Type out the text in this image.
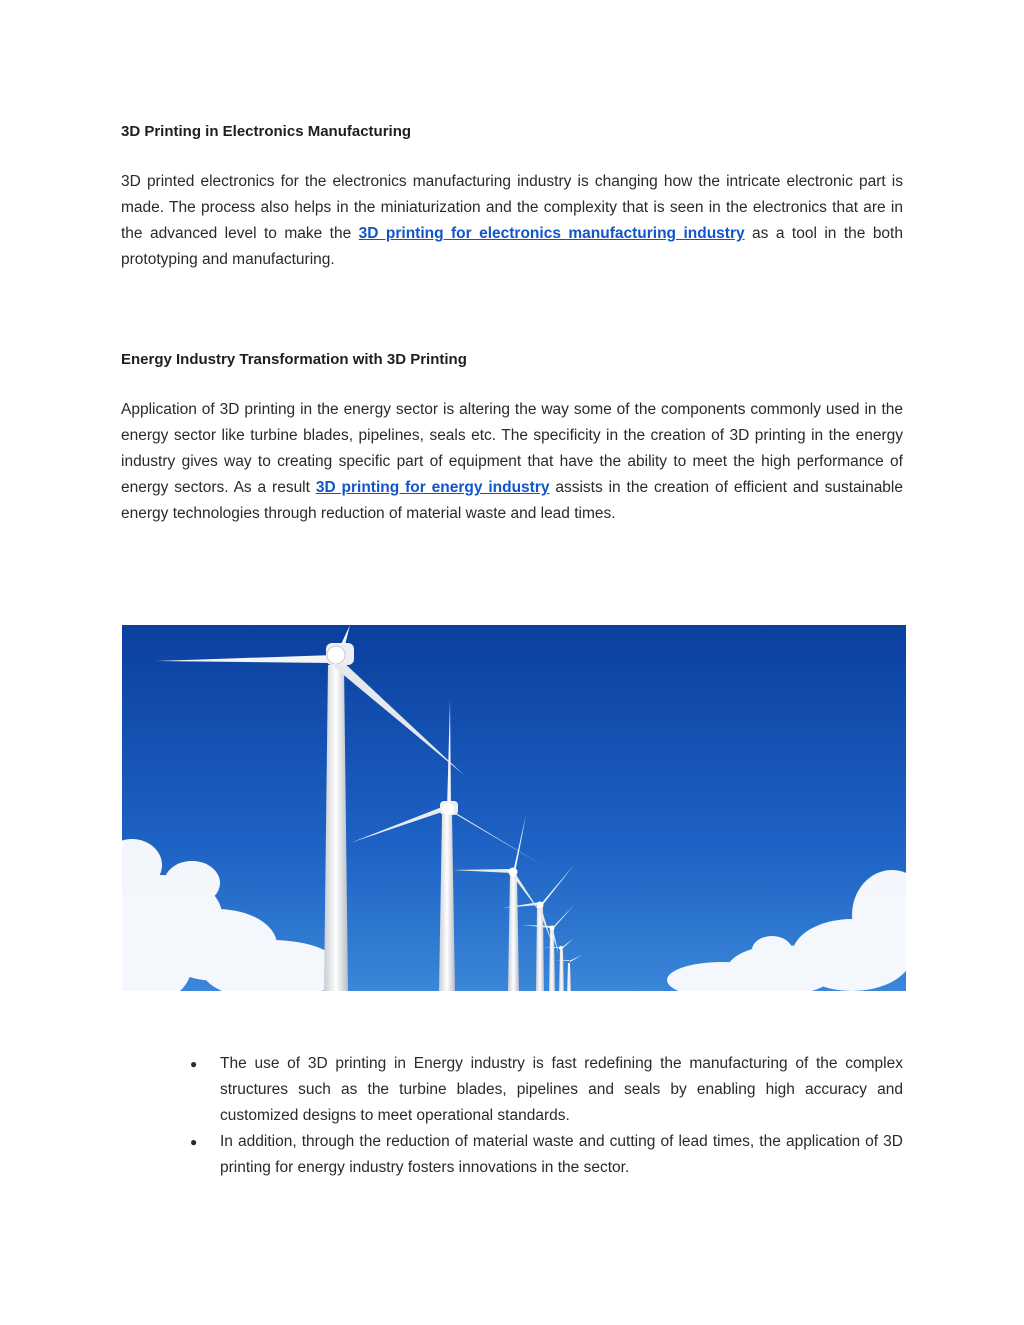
3D Printing in Electronics Manufacturing

3D printed electronics for the electronics manufacturing industry is changing how the intricate electronic part is made. The process also helps in the miniaturization and the complexity that is seen in the electronics that are in the advanced level to make the 3D printing for electronics manufacturing industry as a tool in the both prototyping and manufacturing.

Energy Industry Transformation with 3D Printing

Application of 3D printing in the energy sector is altering the way some of the components commonly used in the energy sector like turbine blades, pipelines, seals etc. The specificity in the creation of 3D printing in the energy industry gives way to creating specific part of equipment that have the ability to meet the high performance of energy sectors. As a result 3D printing for energy industry assists in the creation of efficient and sustainable energy technologies through reduction of material waste and lead times.

● The use of 3D printing in Energy industry is fast redefining the manufacturing of the complex structures such as the turbine blades, pipelines and seals by enabling high accuracy and customized designs to meet operational standards.
● In addition, through the reduction of material waste and cutting of lead times, the application of 3D printing for energy industry fosters innovations in the sector.
